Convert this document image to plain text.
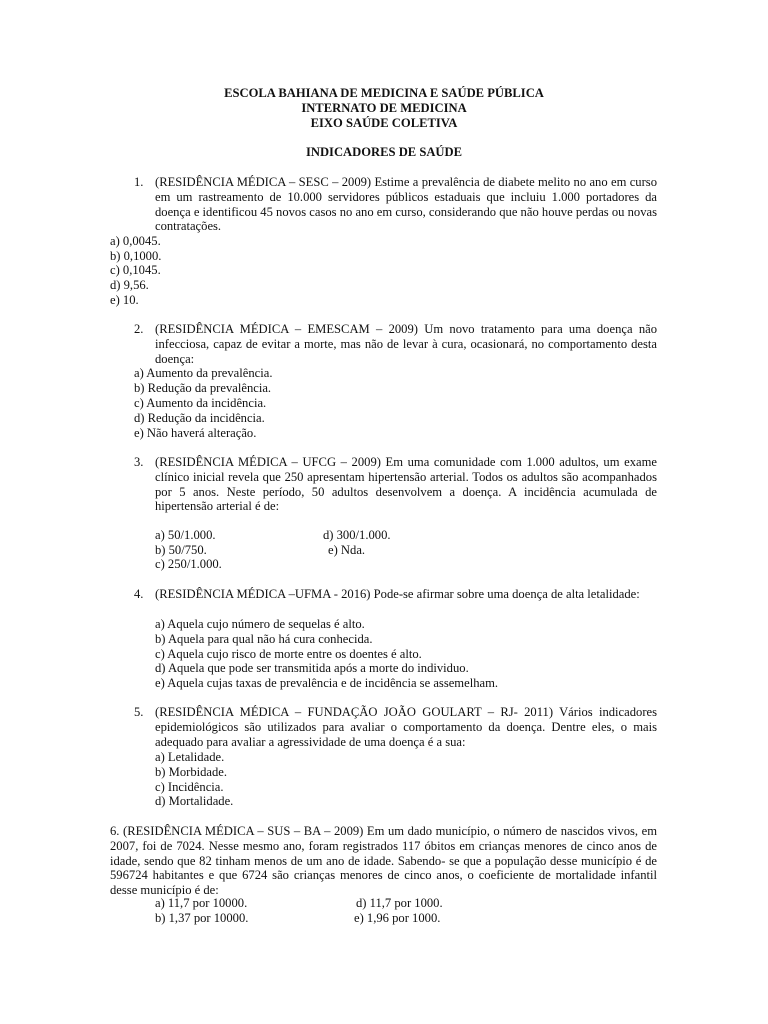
ESCOLA BAHIANA DE MEDICINA E SAÚDE PÚBLICA
INTERNATO DE MEDICINA
EIXO SAÚDE COLETIVA
INDICADORES DE SAÚDE
1. (RESIDÊNCIA MÉDICA – SESC – 2009) Estime a prevalência de diabete melito no ano em curso em um rastreamento de 10.000 servidores públicos estaduais que incluiu 1.000 portadores da doença e identificou 45 novos casos no ano em curso, considerando que não houve perdas ou novas contratações.
a) 0,0045.
b) 0,1000.
c) 0,1045.
d) 9,56.
e) 10.
2. (RESIDÊNCIA MÉDICA – EMESCAM – 2009) Um novo tratamento para uma doença não infecciosa, capaz de evitar a morte, mas não de levar à cura, ocasionará, no comportamento desta doença:
a) Aumento da prevalência.
b) Redução da prevalência.
c) Aumento da incidência.
d) Redução da incidência.
e) Não haverá alteração.
3. (RESIDÊNCIA MÉDICA – UFCG – 2009) Em uma comunidade com 1.000 adultos, um exame clínico inicial revela que 250 apresentam hipertensão arterial. Todos os adultos são acompanhados por 5 anos. Neste período, 50 adultos desenvolvem a doença. A incidência acumulada de hipertensão arterial é de:
a) 50/1.000.	d) 300/1.000.
b) 50/750.	e) Nda.
c) 250/1.000.
4. (RESIDÊNCIA MÉDICA –UFMA - 2016) Pode-se afirmar sobre uma doença de alta letalidade:
a) Aquela cujo número de sequelas é alto.
b) Aquela para qual não há cura conhecida.
c) Aquela cujo risco de morte entre os doentes é alto.
d) Aquela que pode ser transmitida após a morte do individuo.
e) Aquela cujas taxas de prevalência e de incidência se assemelham.
5. (RESIDÊNCIA MÉDICA – FUNDAÇÃO JOÃO GOULART – RJ- 2011) Vários indicadores epidemiológicos são utilizados para avaliar o comportamento da doença. Dentre eles, o mais adequado para avaliar a agressividade de uma doença é a sua:
a) Letalidade.
b) Morbidade.
c) Incidência.
d) Mortalidade.
6. (RESIDÊNCIA MÉDICA – SUS – BA – 2009) Em um dado município, o número de nascidos vivos, em 2007, foi de 7024. Nesse mesmo ano, foram registrados 117 óbitos em crianças menores de cinco anos de idade, sendo que 82 tinham menos de um ano de idade. Sabendo- se que a população desse município é de 596724 habitantes e que 6724 são crianças menores de cinco anos, o coeficiente de mortalidade infantil desse município é de:
a) 11,7 por 10000.	d) 11,7 por 1000.
b) 1,37 por 10000.	e) 1,96 por 1000.
